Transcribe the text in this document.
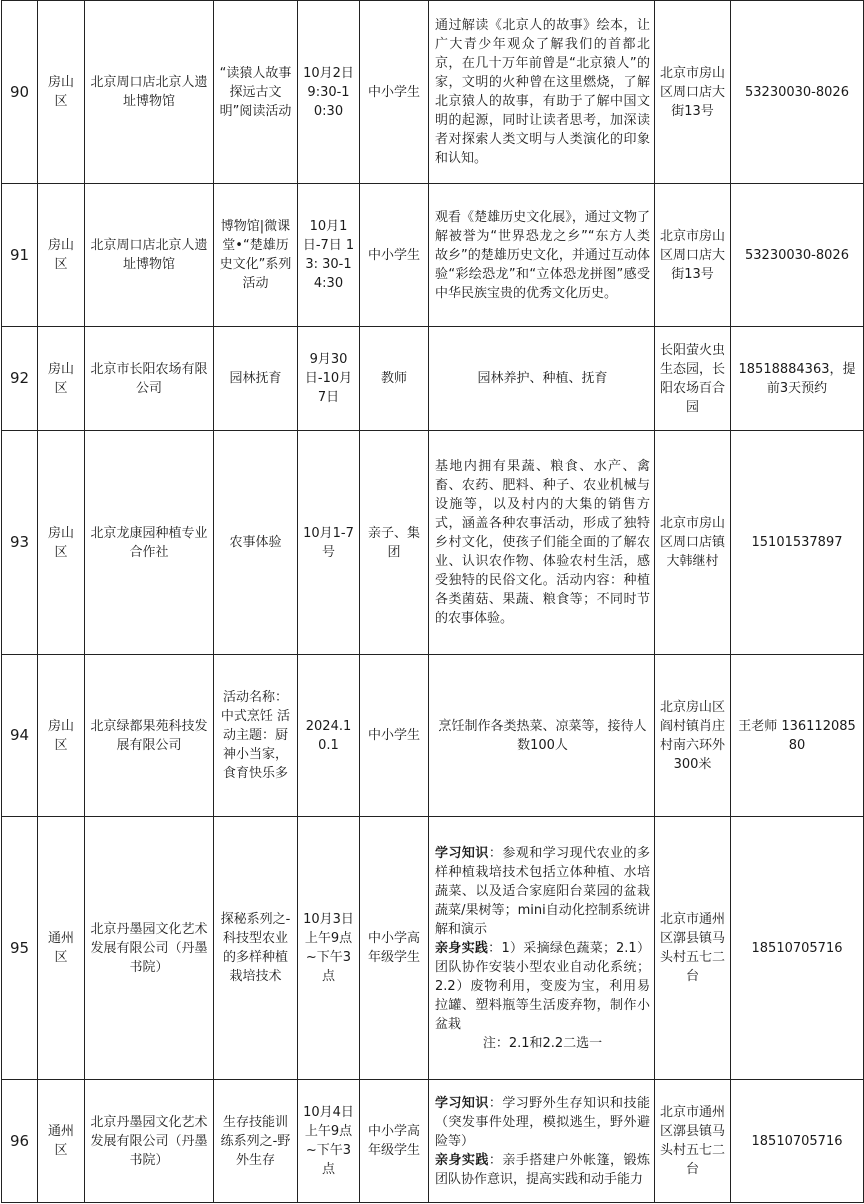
90	房山区	北京周口店北京人遗址博物馆	“读猿人故事 探远古文明”阅读活动	10月2日9:30-10:30	中小学生	通过解读《北京人的故事》绘本，让广大青少年观众了解我们的首都北京，在几十万年前曾是“北京猿人”的家，文明的火种曾在这里燃烧，了解北京猿人的故事，有助于了解中国文明的起源，同时让读者思考，加深读者对探索人类文明与人类演化的印象和认知。	北京市房山区周口店大街13号	53230030-8026
91	房山区	北京周口店北京人遗址博物馆	博物馆|微课堂•“楚雄历史文化”系列活动	10月1日-7日 13: 30-14:30	中小学生	观看《楚雄历史文化展》，通过文物了解被誉为“世界恐龙之乡”“东方人类故乡”的楚雄历史文化，并通过互动体验“彩绘恐龙”和“立体恐龙拼图”感受中华民族宝贵的优秀文化历史。	北京市房山区周口店大街13号	53230030-8026
92	房山区	北京市长阳农场有限公司	园林抚育	9月30日-10月7日	教师	园林养护、种植、抚育	长阳萤火虫生态园，长阳农场百合园	18518884363，提前3天预约
93	房山区	北京龙康园种植专业合作社	农事体验	10月1-7号	亲子、集团	基地内拥有果蔬、粮食、水产、禽畜、农药、肥料、种子、农业机械与设施等，以及村内的大集的销售方式，涵盖各种农事活动，形成了独特乡村文化，使孩子们能全面的了解农业、认识农作物、体验农村生活，感受独特的民俗文化。活动内容：种植各类菌菇、果蔬、粮食等；不同时节的农事体验。	北京市房山区周口店镇大韩继村	15101537897
94	房山区	北京绿都果苑科技发展有限公司	活动名称：中式烹饪 活动主题：厨神小当家，食育快乐多	2024.10.1	中小学生	烹饪制作各类热菜、凉菜等，接待人数100人	北京房山区阎村镇肖庄村南六环外300米	王老师 13611208580
95	通州区	北京丹墨园文化艺术发展有限公司（丹墨书院）	探秘系列之-科技型农业的多样种植栽培技术	10月3日上午9点~下午3点	中小学高年级学生	学习知识：参观和学习现代农业的多样种植栽培技术包括立体种植、水培蔬菜、以及适合家庭阳台菜园的盆栽蔬菜/果树等；mini自动化控制系统讲解和演示
亲身实践：1）采摘绿色蔬菜；2.1）团队协作安装小型农业自动化系统；2.2）废物利用，变废为宝，利用易拉罐、塑料瓶等生活废弃物，制作小盆栽
注：2.1和2.2二选一	北京市通州区漷县镇马头村五七二台	18510705716
96	通州区	北京丹墨园文化艺术发展有限公司（丹墨书院）	生存技能训练系列之-野外生存	10月4日上午9点~下午3点	中小学高年级学生	学习知识：学习野外生存知识和技能（突发事件处理，模拟逃生，野外避险等）
亲身实践：亲手搭建户外帐篷，锻炼团队协作意识，提高实践和动手能力	北京市通州区漷县镇马头村五七二台	18510705716
